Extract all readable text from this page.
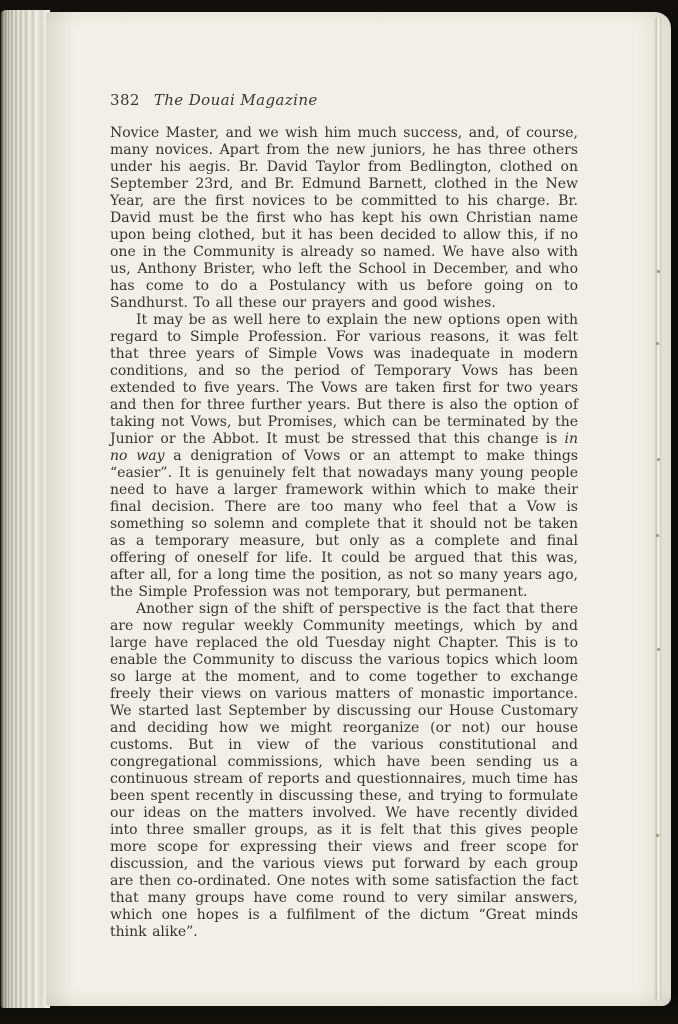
382 The Douai Magazine

Novice Master, and we wish him much success, and, of course, many novices. Apart from the new juniors, he has three others under his aegis. Br. David Taylor from Bedlington, clothed on September 23rd, and Br. Edmund Barnett, clothed in the New Year, are the first novices to be committed to his charge. Br. David must be the first who has kept his own Christian name upon being clothed, but it has been decided to allow this, if no one in the Community is already so named. We have also with us, Anthony Brister, who left the School in December, and who has come to do a Postulancy with us before going on to Sandhurst. To all these our prayers and good wishes.

It may be as well here to explain the new options open with regard to Simple Profession. For various reasons, it was felt that three years of Simple Vows was inadequate in modern conditions, and so the period of Temporary Vows has been extended to five years. The Vows are taken first for two years and then for three further years. But there is also the option of taking not Vows, but Promises, which can be terminated by the Junior or the Abbot. It must be stressed that this change is in no way a denigration of Vows or an attempt to make things “easier”. It is genuinely felt that nowadays many young people need to have a larger framework within which to make their final decision. There are too many who feel that a Vow is something so solemn and complete that it should not be taken as a temporary measure, but only as a complete and final offering of oneself for life. It could be argued that this was, after all, for a long time the position, as not so many years ago, the Simple Profession was not temporary, but permanent.

Another sign of the shift of perspective is the fact that there are now regular weekly Community meetings, which by and large have replaced the old Tuesday night Chapter. This is to enable the Community to discuss the various topics which loom so large at the moment, and to come together to exchange freely their views on various matters of monastic importance. We started last September by discussing our House Customary and deciding how we might reorganize (or not) our house customs. But in view of the various constitutional and congregational commissions, which have been sending us a continuous stream of reports and questionnaires, much time has been spent recently in discussing these, and trying to formulate our ideas on the matters involved. We have recently divided into three smaller groups, as it is felt that this gives people more scope for expressing their views and freer scope for discussion, and the various views put forward by each group are then co-ordinated. One notes with some satisfaction the fact that many groups have come round to very similar answers, which one hopes is a fulfilment of the dictum “Great minds think alike”.
